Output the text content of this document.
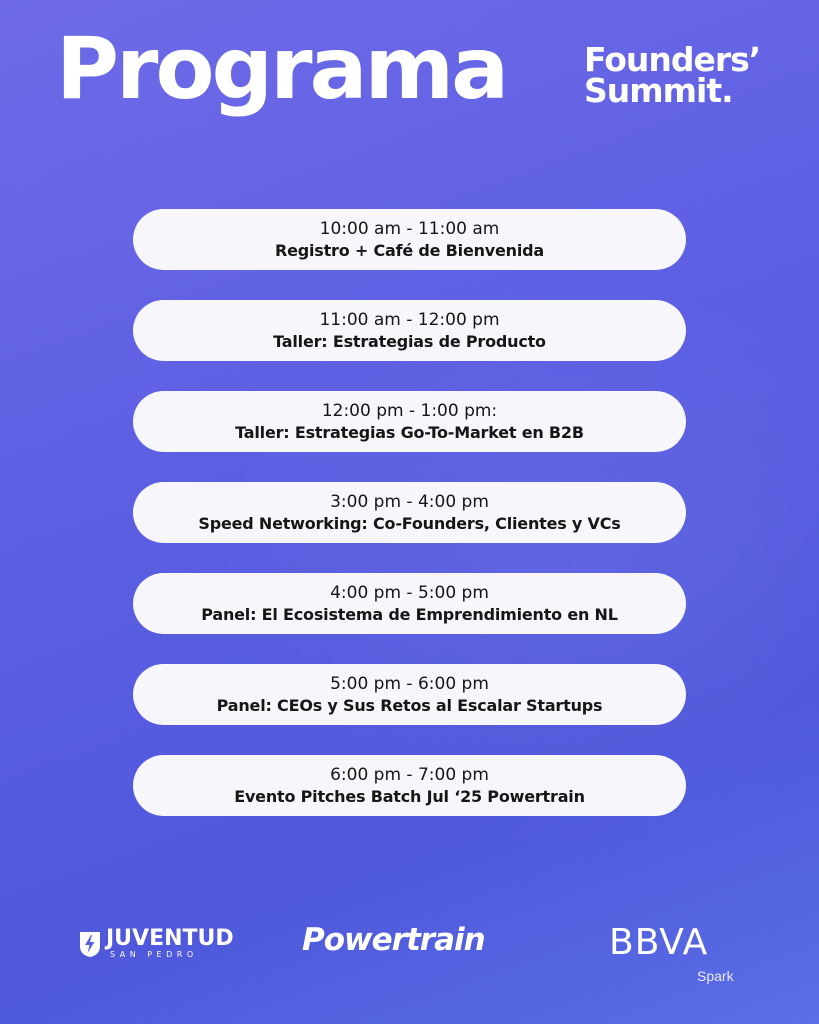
Programa Founders’
Summit.
10:00 am - 11:00 am
Registro + Café de Bienvenida
11:00 am - 12:00 pm
Taller: Estrategias de Producto
12:00 pm - 1:00 pm:
Taller: Estrategias Go-To-Market en B2B
3:00 pm - 4:00 pm
Speed Networking: Co-Founders, Clientes y VCs
4:00 pm - 5:00 pm
Panel: El Ecosistema de Emprendimiento en NL
5:00 pm - 6:00 pm
Panel: CEOs y Sus Retos al Escalar Startups
6:00 pm - 7:00 pm
Evento Pitches Batch Jul ‘25 Powertrain
JUVENTUD
SAN PEDRO	Powertrain	BBVA
Spark
